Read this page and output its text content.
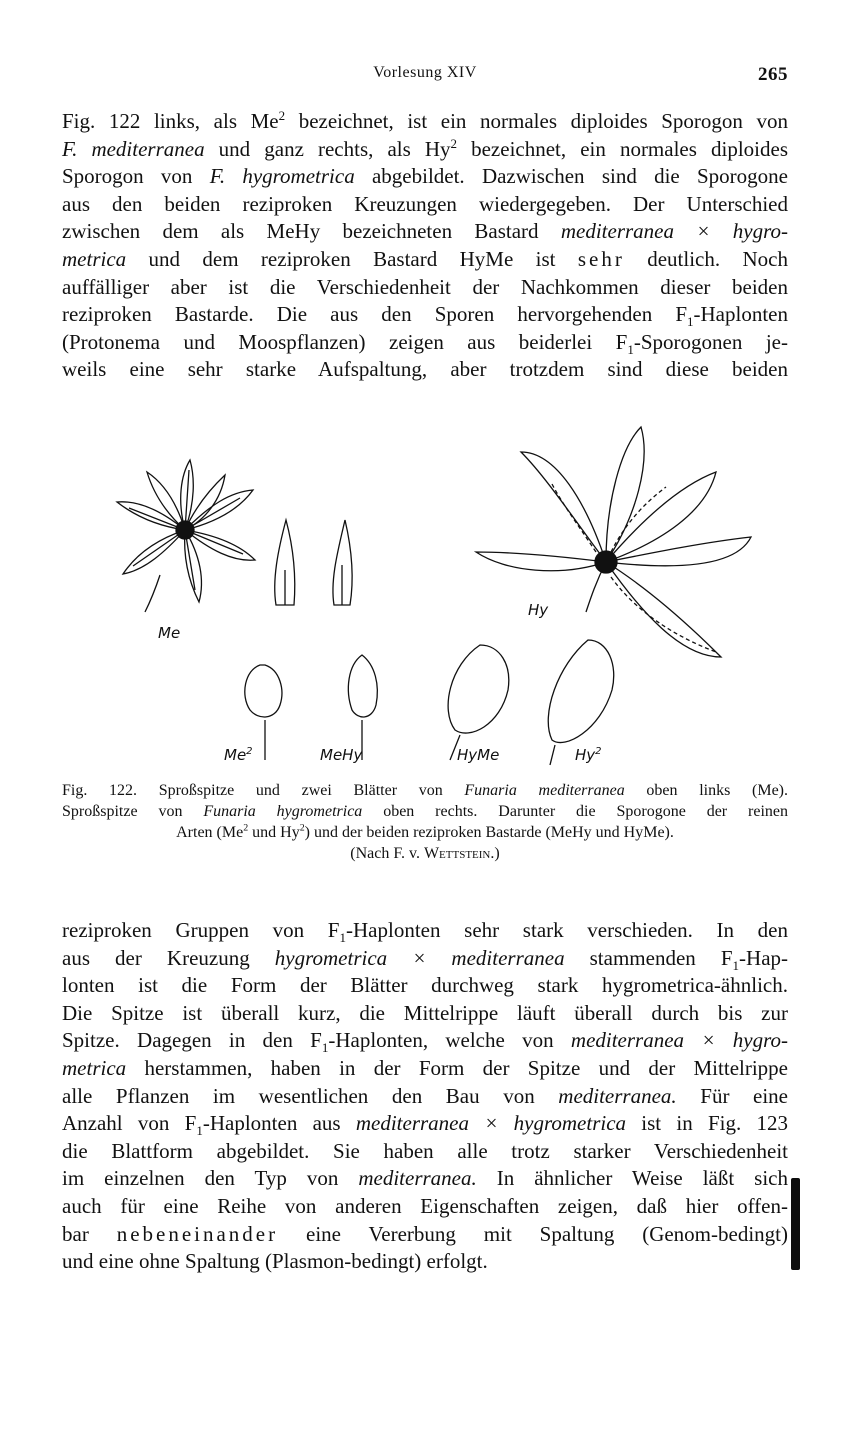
Vorlesung XIV	265
Fig. 122 links, als Me$^2$ bezeichnet, ist ein normales diploides Sporogon von
F. mediterranea und ganz rechts, als Hy$^2$ bezeichnet, ein normales diploides
Sporogon von F. hygrometrica abgebildet. Dazwischen sind die Sporogone
aus den beiden reziproken Kreuzungen wiedergegeben. Der Unterschied
zwischen dem als MeHy bezeichneten Bastard mediterranea × hygro-
metrica und dem reziproken Bastard HyMe ist sehr deutlich. Noch
auffälliger aber ist die Verschiedenheit der Nachkommen dieser beiden
reziproken Bastarde. Die aus den Sporen hervorgehenden $F_1$-Haplonten
(Protonema und Moospflanzen) zeigen aus beiderlei $F_1$-Sporogonen je-
weils eine sehr starke Aufspaltung, aber trotzdem sind diese beiden
Me
Hy
Me$^2$	MeHy	HyMe	Hy$^2$
Fig. 122. Sproßspitze und zwei Blätter von Funaria mediterranea oben links (Me).
Sproßspitze von Funaria hygrometrica oben rechts. Darunter die Sporogone der reinen
Arten (Me$^2$ und Hy$^2$) und der beiden reziproken Bastarde (MeHy und HyMe).
(Nach F. v. Wettstein.)
reziproken Gruppen von $F_1$-Haplonten sehr stark verschieden. In den
aus der Kreuzung hygrometrica × mediterranea stammenden $F_1-Hap-$
lonten ist die Form der Blätter durchweg stark hygrometrica-ähnlich.
Die Spitze ist überall kurz, die Mittelrippe läuft überall durch bis zur
Spitze. Dagegen in den $F_1$-Haplonten, welche von mediterranea × hygro-
metrica herstammen, haben in der Form der Spitze und der Mittelrippe
alle Pflanzen im wesentlichen den Bau von mediterranea. Für eine
Anzahl von $F_1$-Haplonten aus mediterranea × hygrometrica ist in Fig. 123
die Blattform abgebildet. Sie haben alle trotz starker Verschiedenheit
im einzelnen den Typ von mediterranea. In ähnlicher Weise läßt sich
auch für eine Reihe von anderen Eigenschaften zeigen, daß hier offen-
bar nebeneinander eine Vererbung mit Spaltung (Genom-bedingt)
und eine ohne Spaltung (Plasmon-bedingt) erfolgt.
